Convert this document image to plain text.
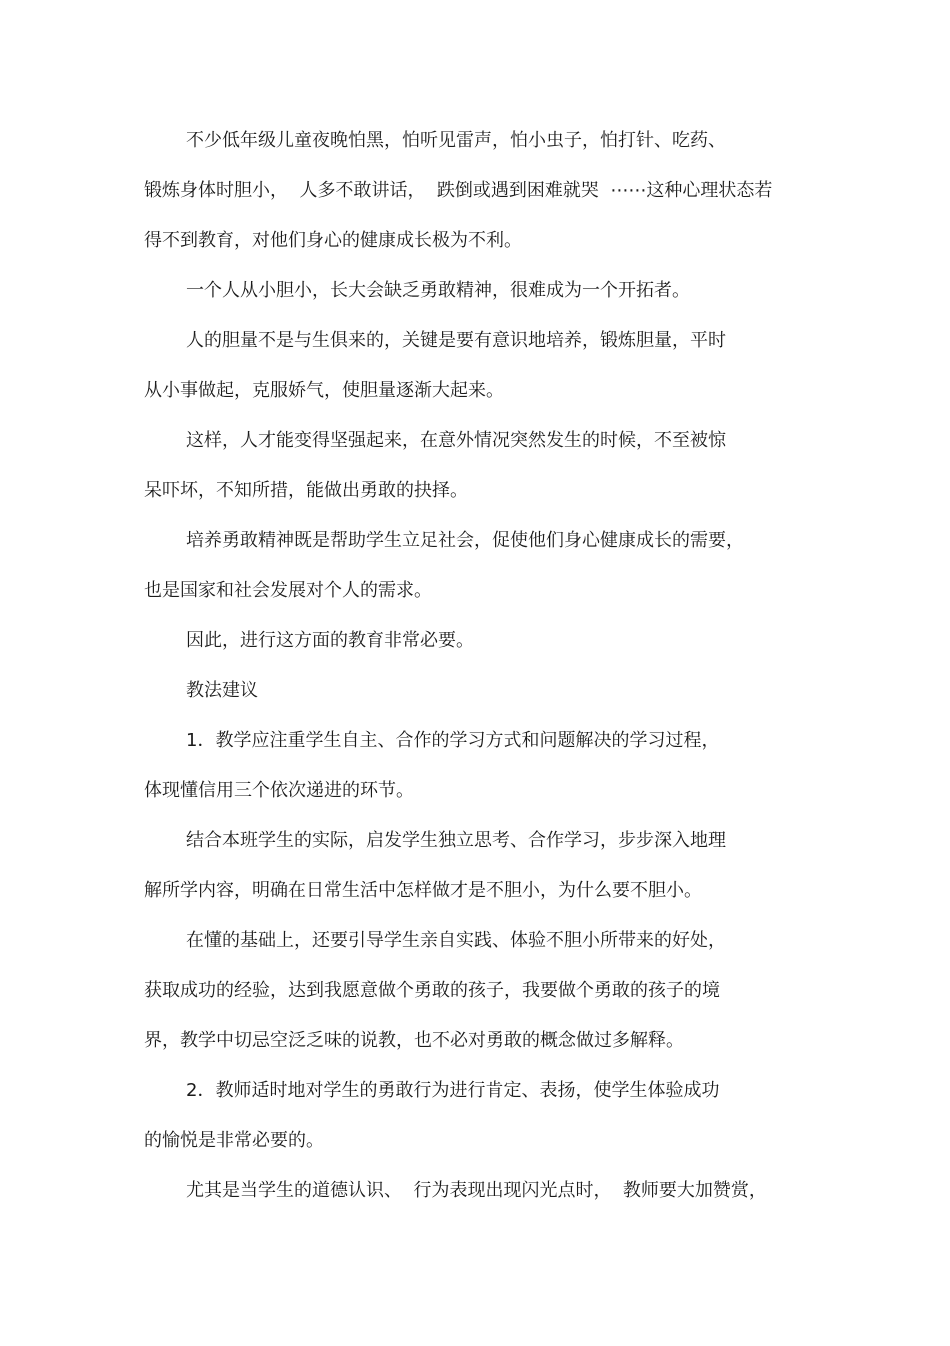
不少低年级儿童夜晚怕黑，怕听见雷声，怕小虫子，怕打针、吃药、
锻炼身体时胆小，  人多不敢讲话，  跌倒或遇到困难就哭  ⋯⋯这种心理状态若
得不到教育，对他们身心的健康成长极为不利。
一个人从小胆小，长大会缺乏勇敢精神，很难成为一个开拓者。
人的胆量不是与生俱来的，关键是要有意识地培养，锻炼胆量，平时
从小事做起，克服娇气，使胆量逐渐大起来。
这样，人才能变得坚强起来，在意外情况突然发生的时候，不至被惊
呆吓坏，不知所措，能做出勇敢的抉择。
培养勇敢精神既是帮助学生立足社会，促使他们身心健康成长的需要，
也是国家和社会发展对个人的需求。
因此，进行这方面的教育非常必要。
教法建议
1．教学应注重学生自主、合作的学习方式和问题解决的学习过程，
体现懂信用三个依次递进的环节。
结合本班学生的实际，启发学生独立思考、合作学习，步步深入地理
解所学内容，明确在日常生活中怎样做才是不胆小，为什么要不胆小。
在懂的基础上，还要引导学生亲自实践、体验不胆小所带来的好处，
获取成功的经验，达到我愿意做个勇敢的孩子，我要做个勇敢的孩子的境
界，教学中切忌空泛乏味的说教，也不必对勇敢的概念做过多解释。
2．教师适时地对学生的勇敢行为进行肯定、表扬，使学生体验成功
的愉悦是非常必要的。
尤其是当学生的道德认识、  行为表现出现闪光点时，  教师要大加赞赏，
